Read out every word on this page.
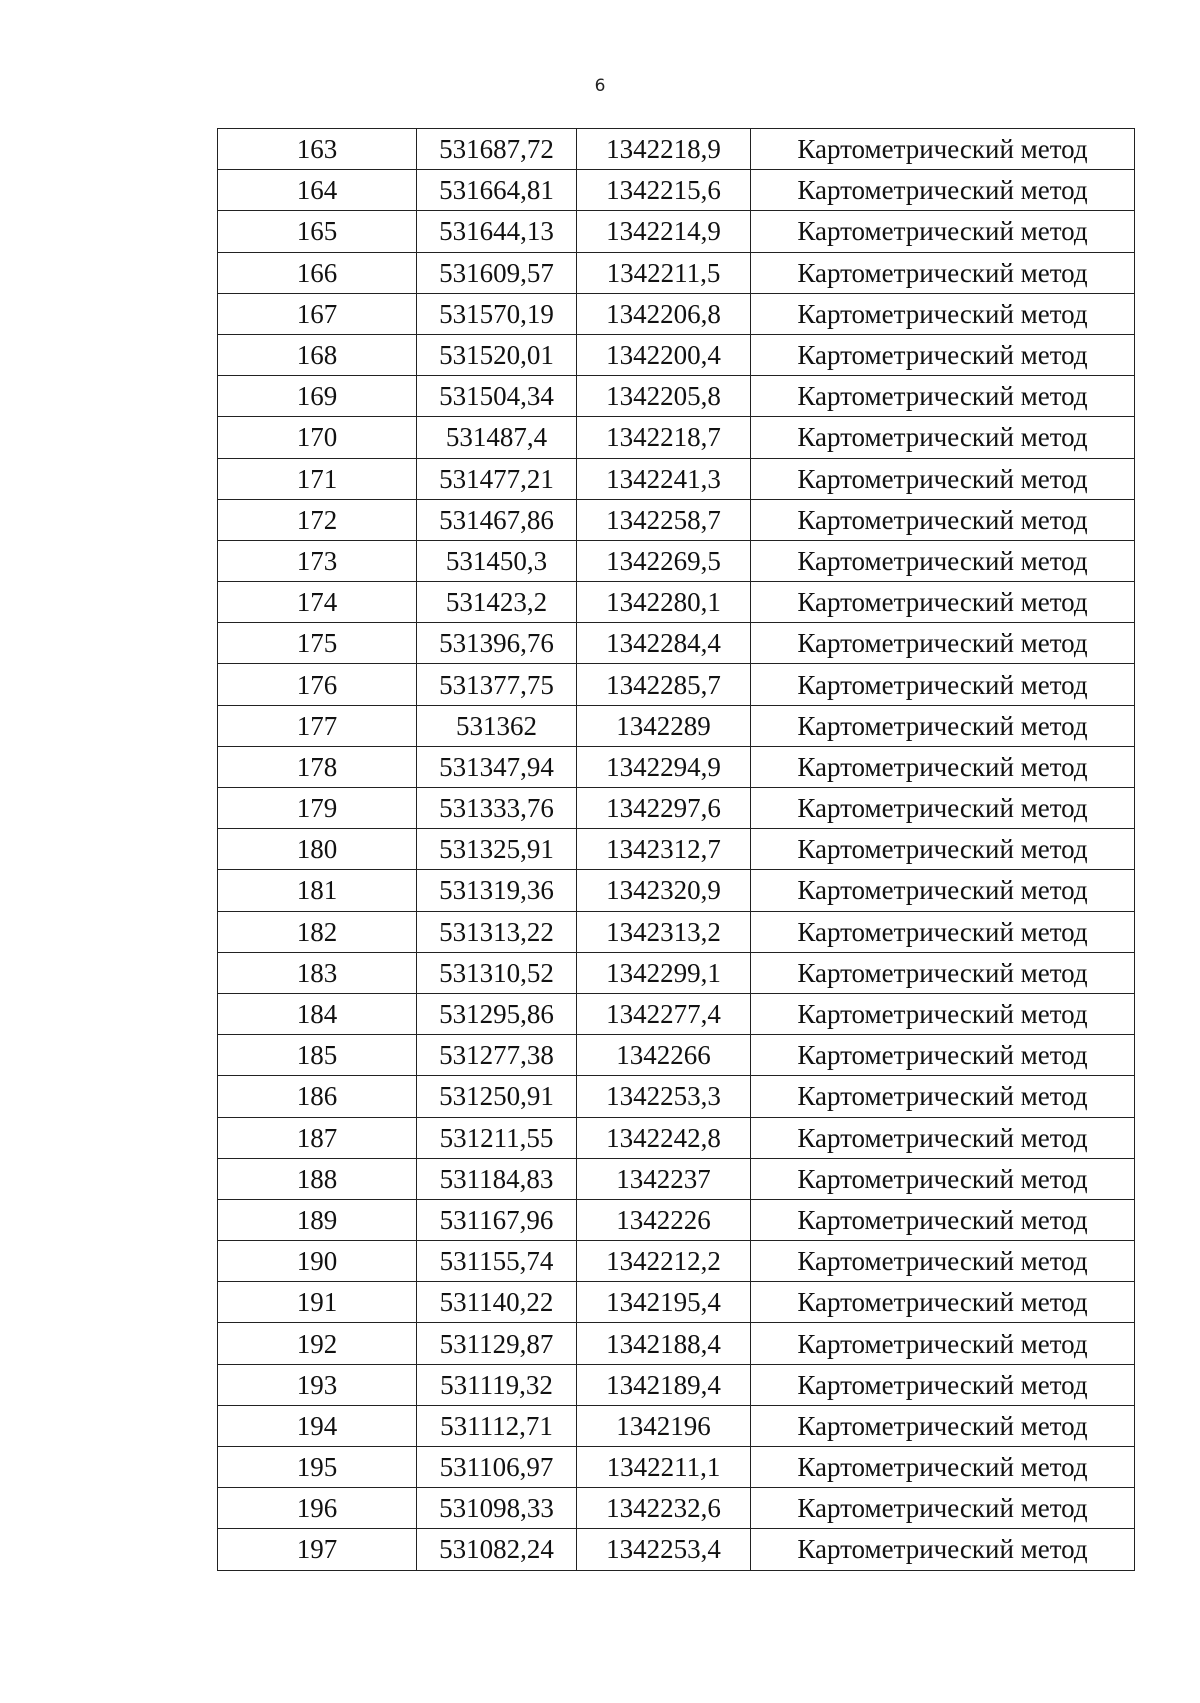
6
163	531687,72	1342218,9	Картометрический метод
164	531664,81	1342215,6	Картометрический метод
165	531644,13	1342214,9	Картометрический метод
166	531609,57	1342211,5	Картометрический метод
167	531570,19	1342206,8	Картометрический метод
168	531520,01	1342200,4	Картометрический метод
169	531504,34	1342205,8	Картометрический метод
170	531487,4	1342218,7	Картометрический метод
171	531477,21	1342241,3	Картометрический метод
172	531467,86	1342258,7	Картометрический метод
173	531450,3	1342269,5	Картометрический метод
174	531423,2	1342280,1	Картометрический метод
175	531396,76	1342284,4	Картометрический метод
176	531377,75	1342285,7	Картометрический метод
177	531362	1342289	Картометрический метод
178	531347,94	1342294,9	Картометрический метод
179	531333,76	1342297,6	Картометрический метод
180	531325,91	1342312,7	Картометрический метод
181	531319,36	1342320,9	Картометрический метод
182	531313,22	1342313,2	Картометрический метод
183	531310,52	1342299,1	Картометрический метод
184	531295,86	1342277,4	Картометрический метод
185	531277,38	1342266	Картометрический метод
186	531250,91	1342253,3	Картометрический метод
187	531211,55	1342242,8	Картометрический метод
188	531184,83	1342237	Картометрический метод
189	531167,96	1342226	Картометрический метод
190	531155,74	1342212,2	Картометрический метод
191	531140,22	1342195,4	Картометрический метод
192	531129,87	1342188,4	Картометрический метод
193	531119,32	1342189,4	Картометрический метод
194	531112,71	1342196	Картометрический метод
195	531106,97	1342211,1	Картометрический метод
196	531098,33	1342232,6	Картометрический метод
197	531082,24	1342253,4	Картометрический метод
